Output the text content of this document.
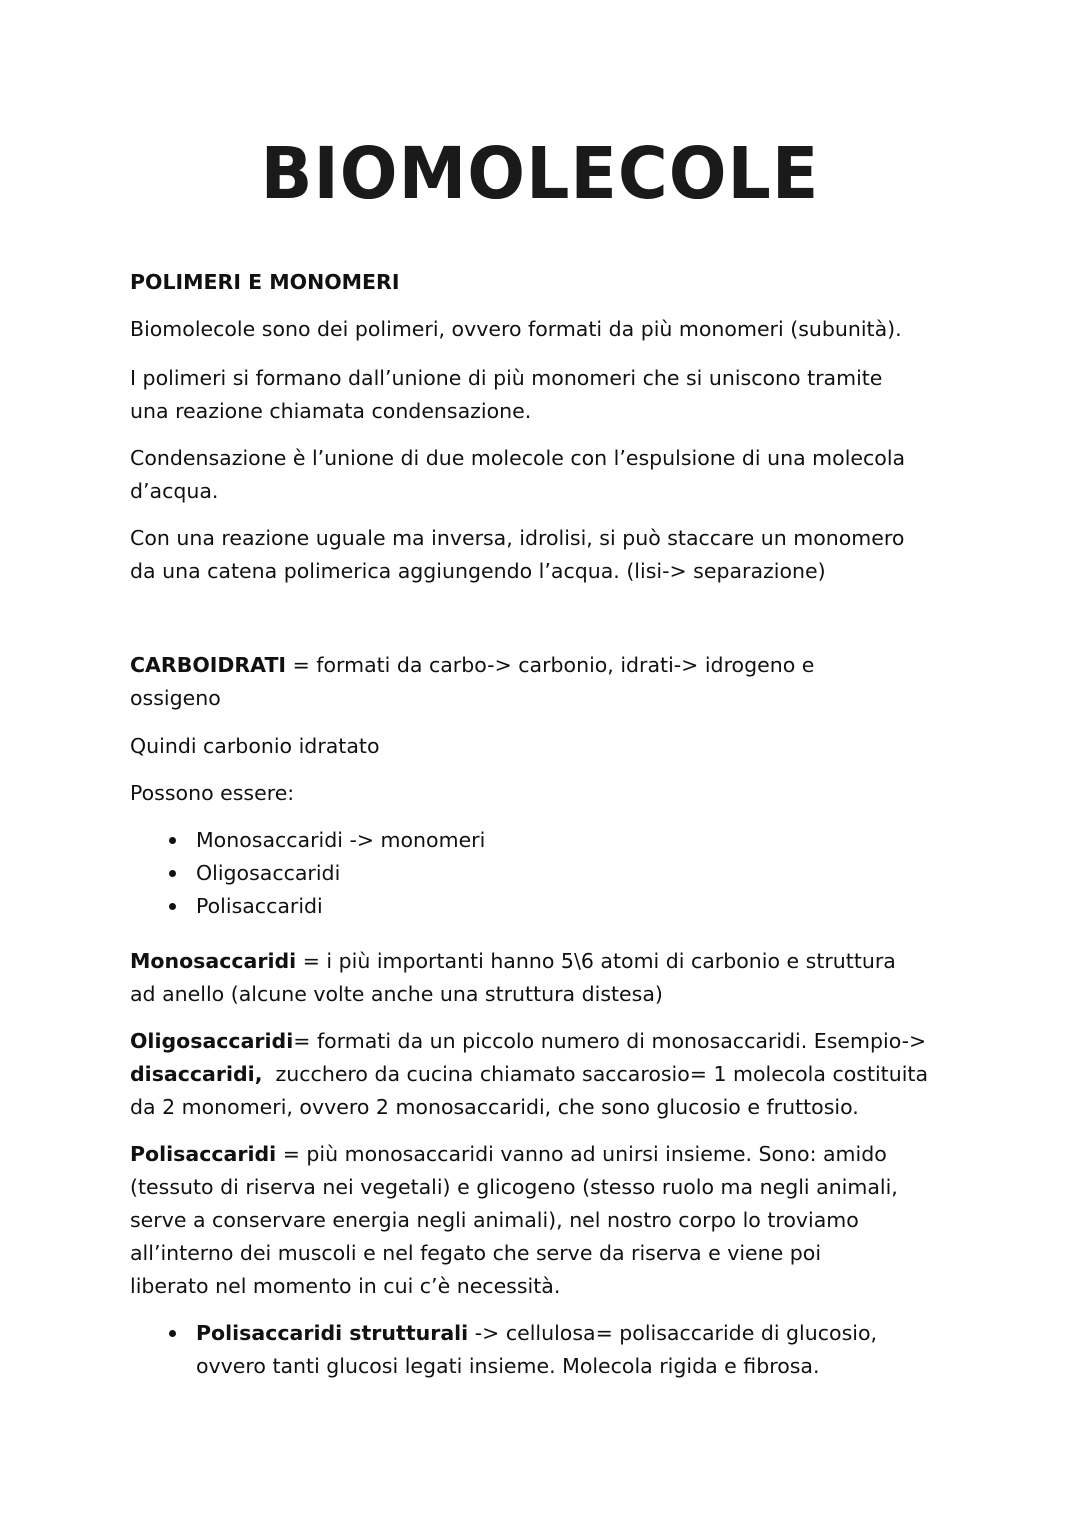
BIOMOLECOLE
POLIMERI E MONOMERI
Biomolecole sono dei polimeri, ovvero formati da più monomeri (subunità).
I polimeri si formano dall’unione di più monomeri che si uniscono tramite
una reazione chiamata condensazione.
Condensazione è l’unione di due molecole con l’espulsione di una molecola
d’acqua.
Con una reazione uguale ma inversa, idrolisi, si può staccare un monomero
da una catena polimerica aggiungendo l’acqua. (lisi-> separazione)
CARBOIDRATI = formati da carbo-> carbonio, idrati-> idrogeno e
ossigeno
Quindi carbonio idratato
Possono essere:
Monosaccaridi -> monomeri
Oligosaccaridi
Polisaccaridi
Monosaccaridi = i più importanti hanno 5\6 atomi di carbonio e struttura
ad anello (alcune volte anche una struttura distesa)
Oligosaccaridi= formati da un piccolo numero di monosaccaridi. Esempio->
disaccaridi,  zucchero da cucina chiamato saccarosio= 1 molecola costituita
da 2 monomeri, ovvero 2 monosaccaridi, che sono glucosio e fruttosio.
Polisaccaridi = più monosaccaridi vanno ad unirsi insieme. Sono: amido
(tessuto di riserva nei vegetali) e glicogeno (stesso ruolo ma negli animali,
serve a conservare energia negli animali), nel nostro corpo lo troviamo
all’interno dei muscoli e nel fegato che serve da riserva e viene poi
liberato nel momento in cui c’è necessità.
Polisaccaridi strutturali -> cellulosa= polisaccaride di glucosio,
ovvero tanti glucosi legati insieme. Molecola rigida e fibrosa.
